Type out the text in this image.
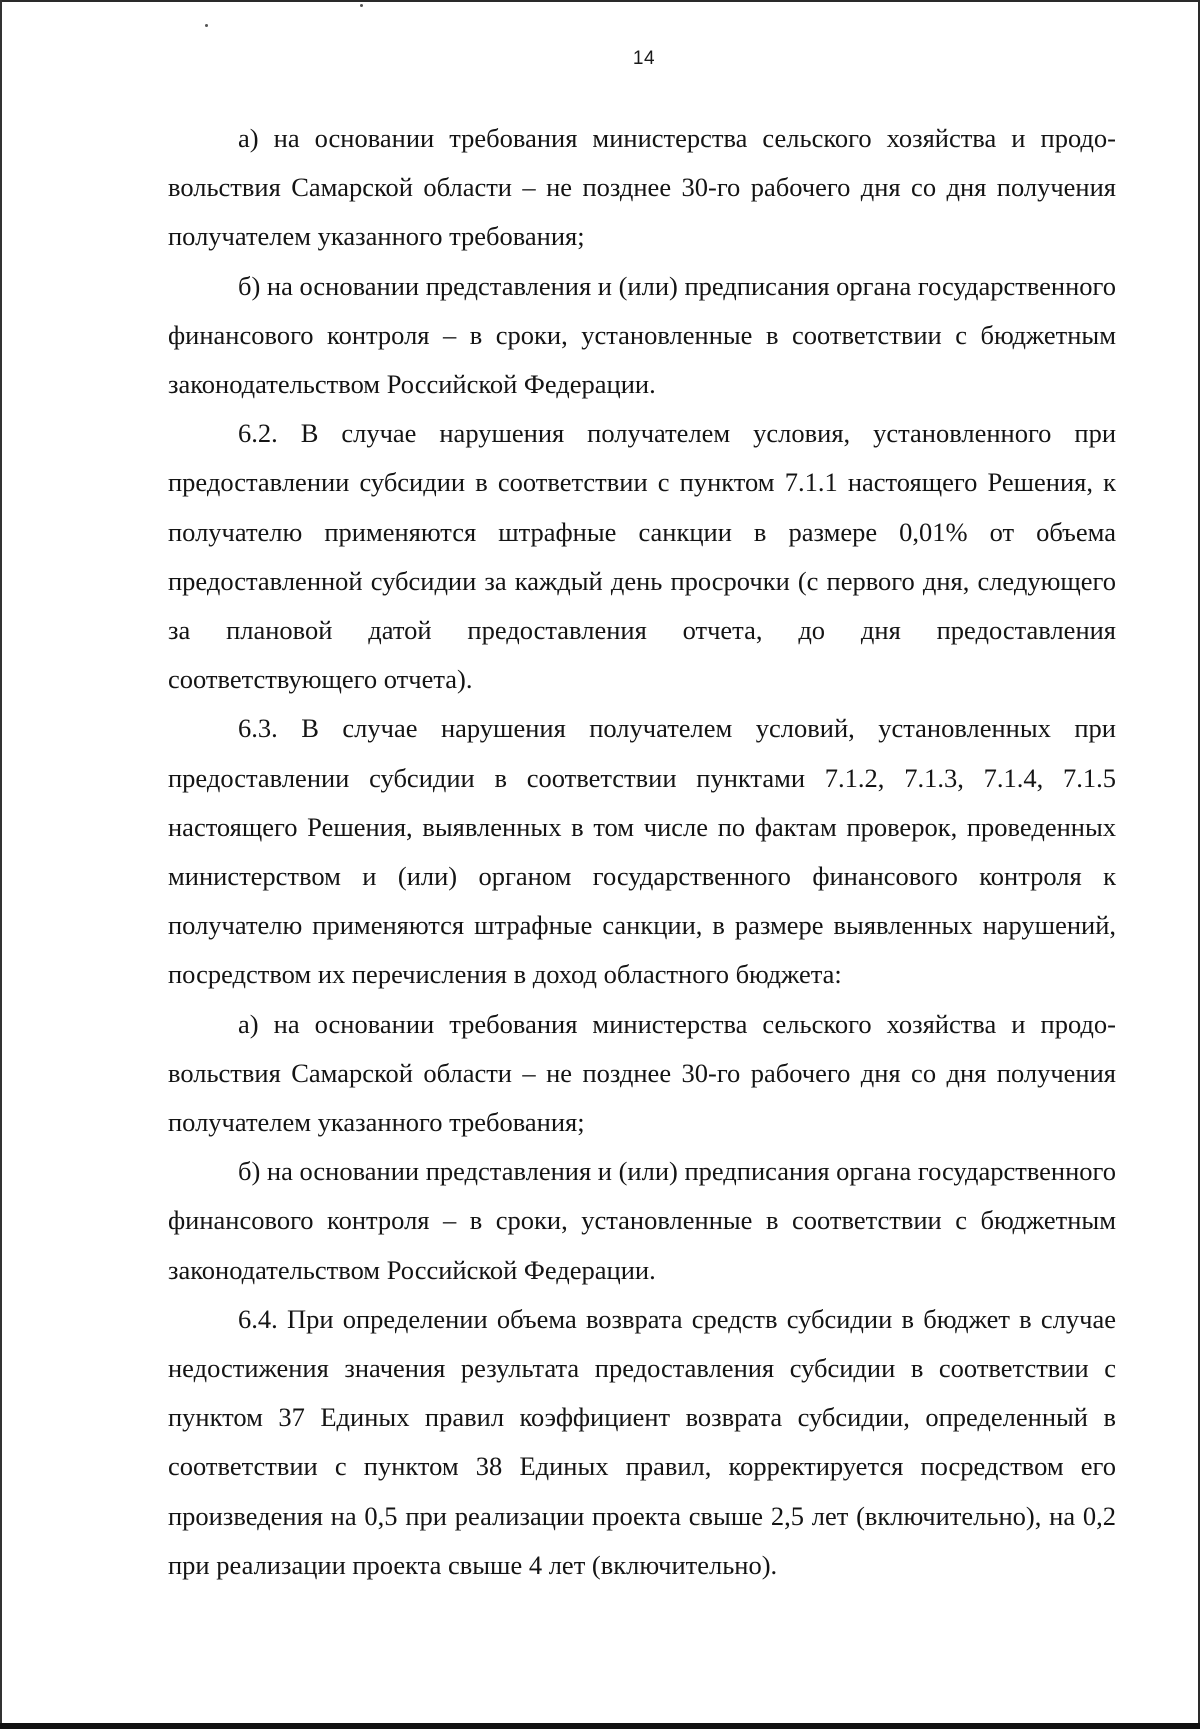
14

а) на основании требования министерства сельского хозяйства и продовольствия Самарской области – не позднее 30-го рабочего дня со дня получения получателем указанного требования;

б) на основании представления и (или) предписания органа государственного финансового контроля – в сроки, установленные в соответствии с бюджетным законодательством Российской Федерации.

6.2. В случае нарушения получателем условия, установленного при предоставлении субсидии в соответствии с пунктом 7.1.1 настоящего Решения, к получателю применяются штрафные санкции в размере 0,01% от объема предоставленной субсидии за каждый день просрочки (с первого дня, следующего за плановой датой предоставления отчета, до дня предоставления соответствующего отчета).

6.3. В случае нарушения получателем условий, установленных при предоставлении субсидии в соответствии пунктами 7.1.2, 7.1.3, 7.1.4, 7.1.5 настоящего Решения, выявленных в том числе по фактам проверок, проведенных министерством и (или) органом государственного финансового контроля к получателю применяются штрафные санкции, в размере выявленных нарушений, посредством их перечисления в доход областного бюджета:

а) на основании требования министерства сельского хозяйства и продовольствия Самарской области – не позднее 30-го рабочего дня со дня получения получателем указанного требования;

б) на основании представления и (или) предписания органа государственного финансового контроля – в сроки, установленные в соответствии с бюджетным законодательством Российской Федерации.

6.4. При определении объема возврата средств субсидии в бюджет в случае недостижения значения результата предоставления субсидии в соответствии с пунктом 37 Единых правил коэффициент возврата субсидии, определенный в соответствии с пунктом 38 Единых правил, корректируется посредством его произведения на 0,5 при реализации проекта свыше 2,5 лет (включительно), на 0,2 при реализации проекта свыше 4 лет (включительно).
